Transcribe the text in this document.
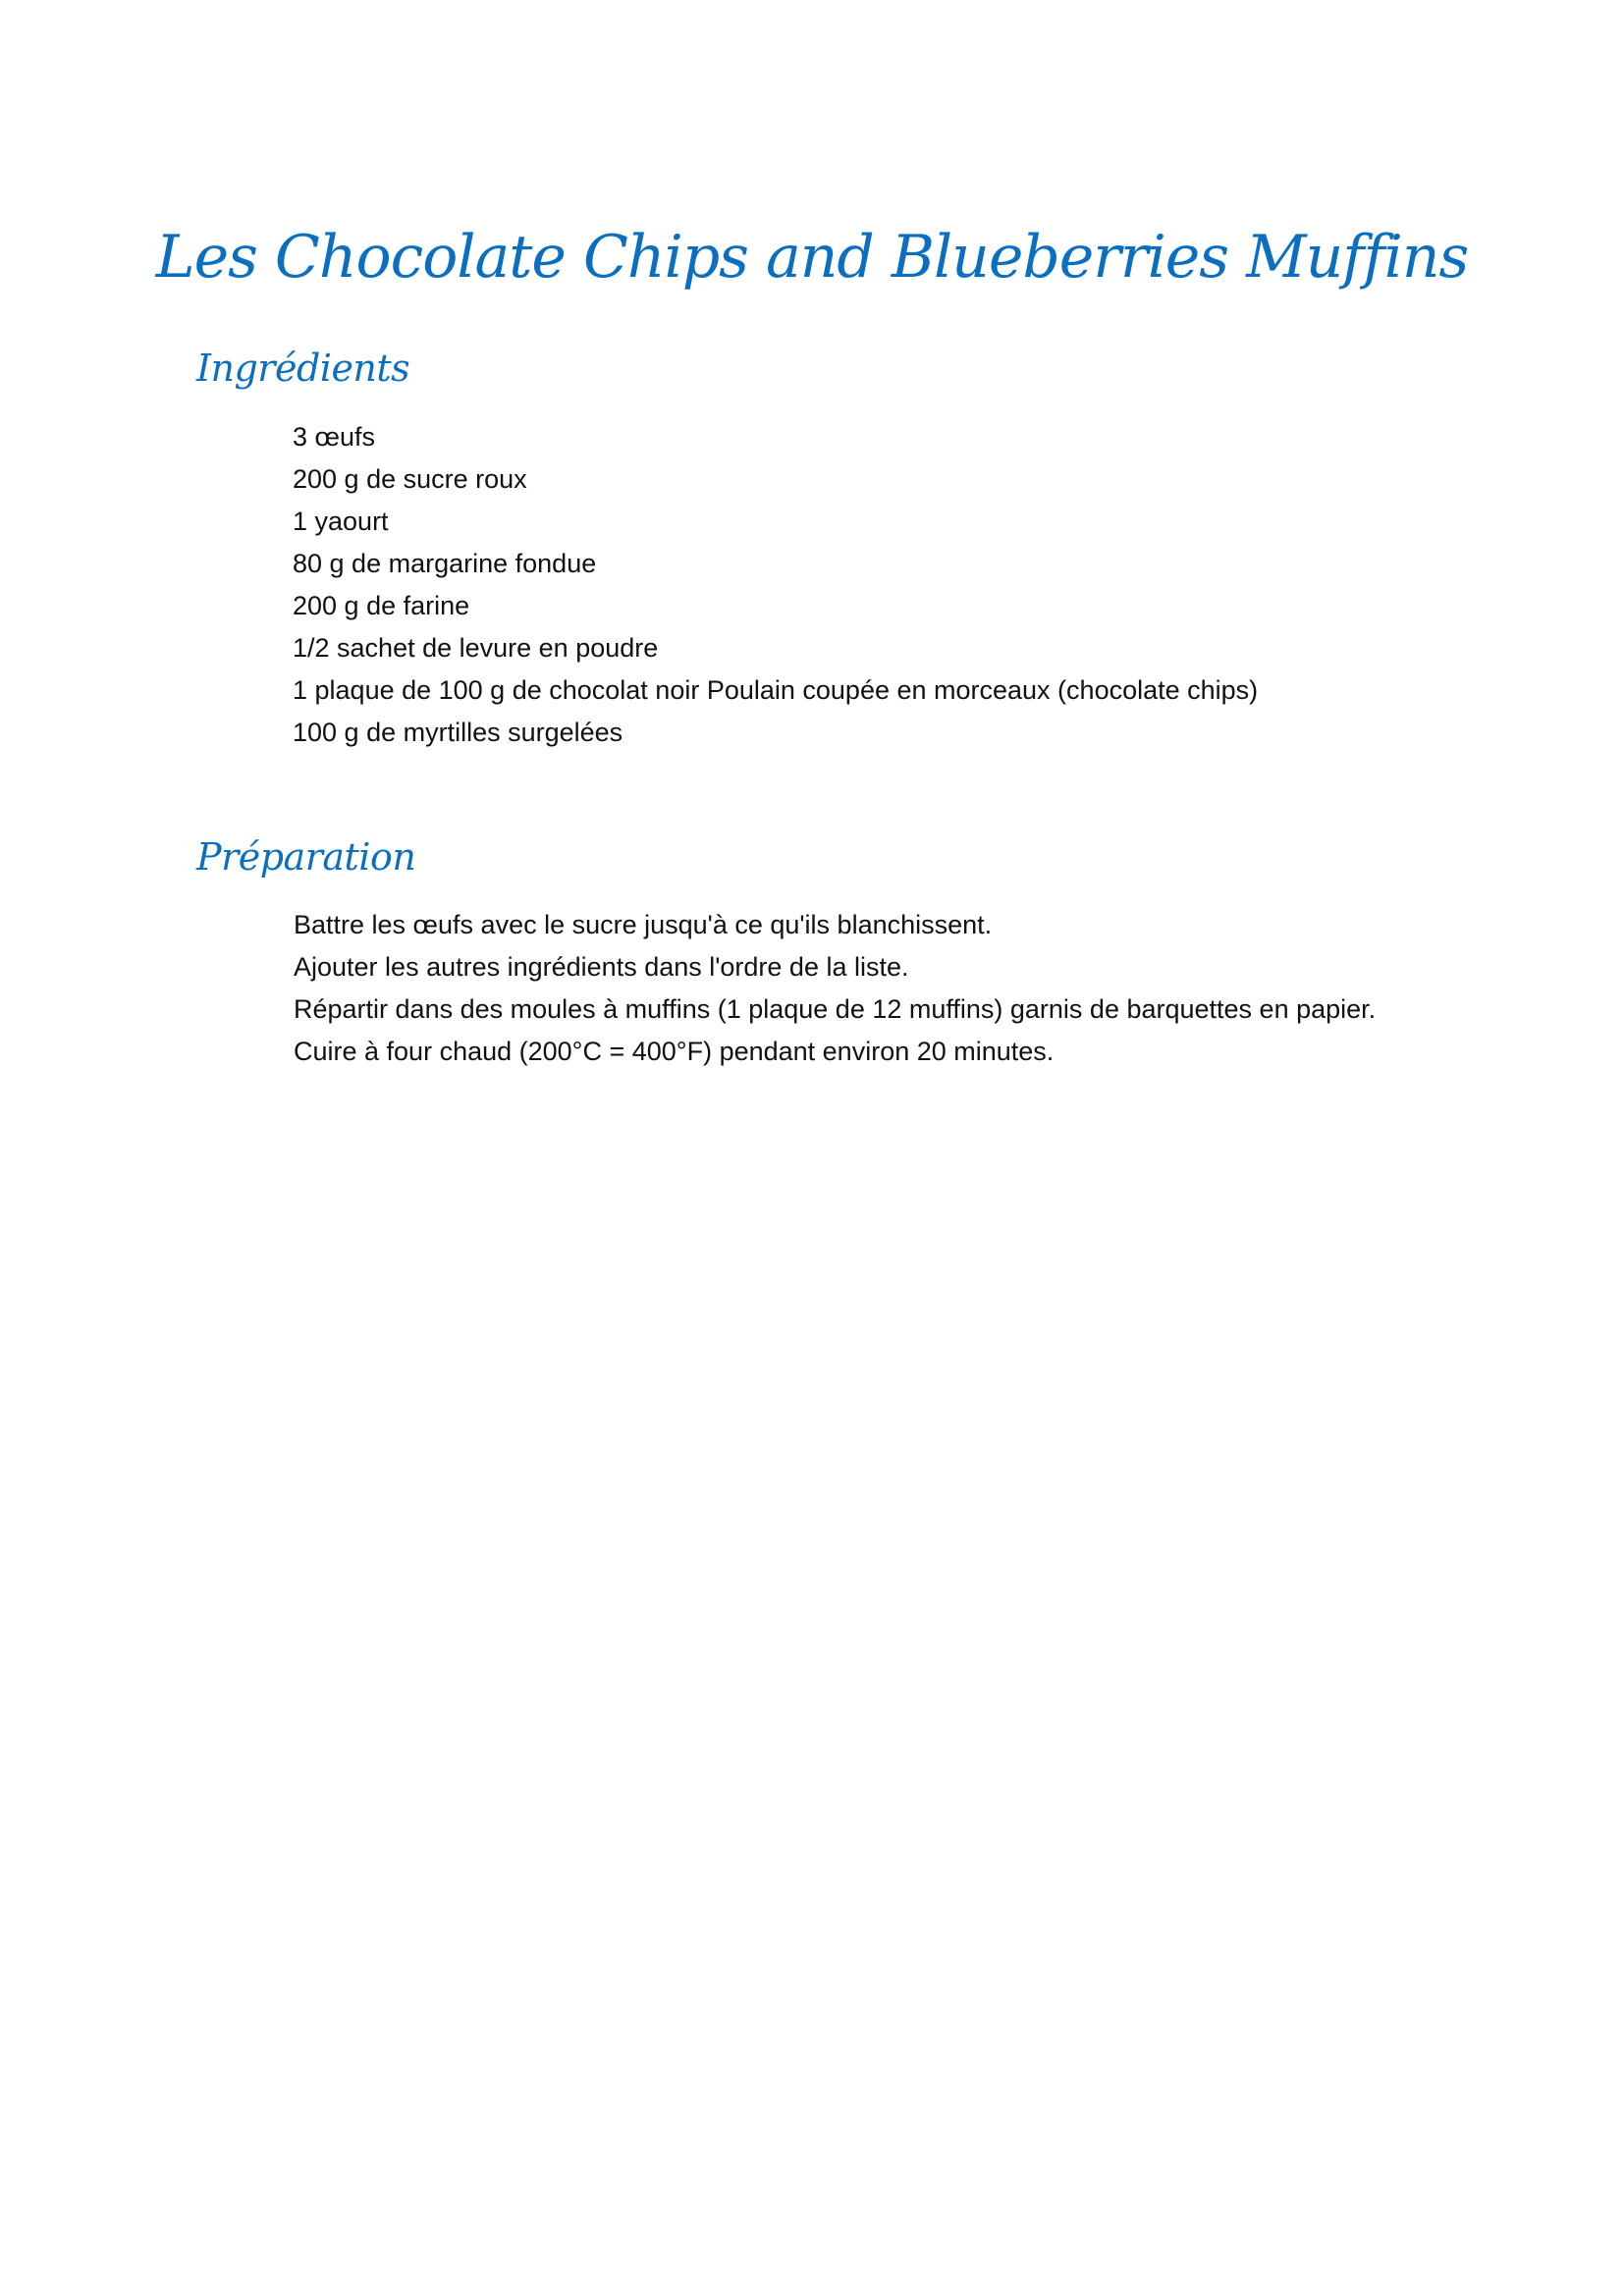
Les Chocolate Chips and Blueberries Muffins
Ingrédients
3 œufs
200 g de sucre roux
1 yaourt
80 g de margarine fondue
200 g de farine
1/2 sachet de levure en poudre
1 plaque de 100 g de chocolat noir Poulain coupée en morceaux (chocolate chips)
100 g de myrtilles surgelées
Préparation
Battre les œufs avec le sucre jusqu'à ce qu'ils blanchissent.
Ajouter les autres ingrédients dans l'ordre de la liste.
Répartir dans des moules à muffins (1 plaque de 12 muffins) garnis de barquettes en papier.
Cuire à four chaud (200°C = 400°F) pendant environ 20 minutes.
